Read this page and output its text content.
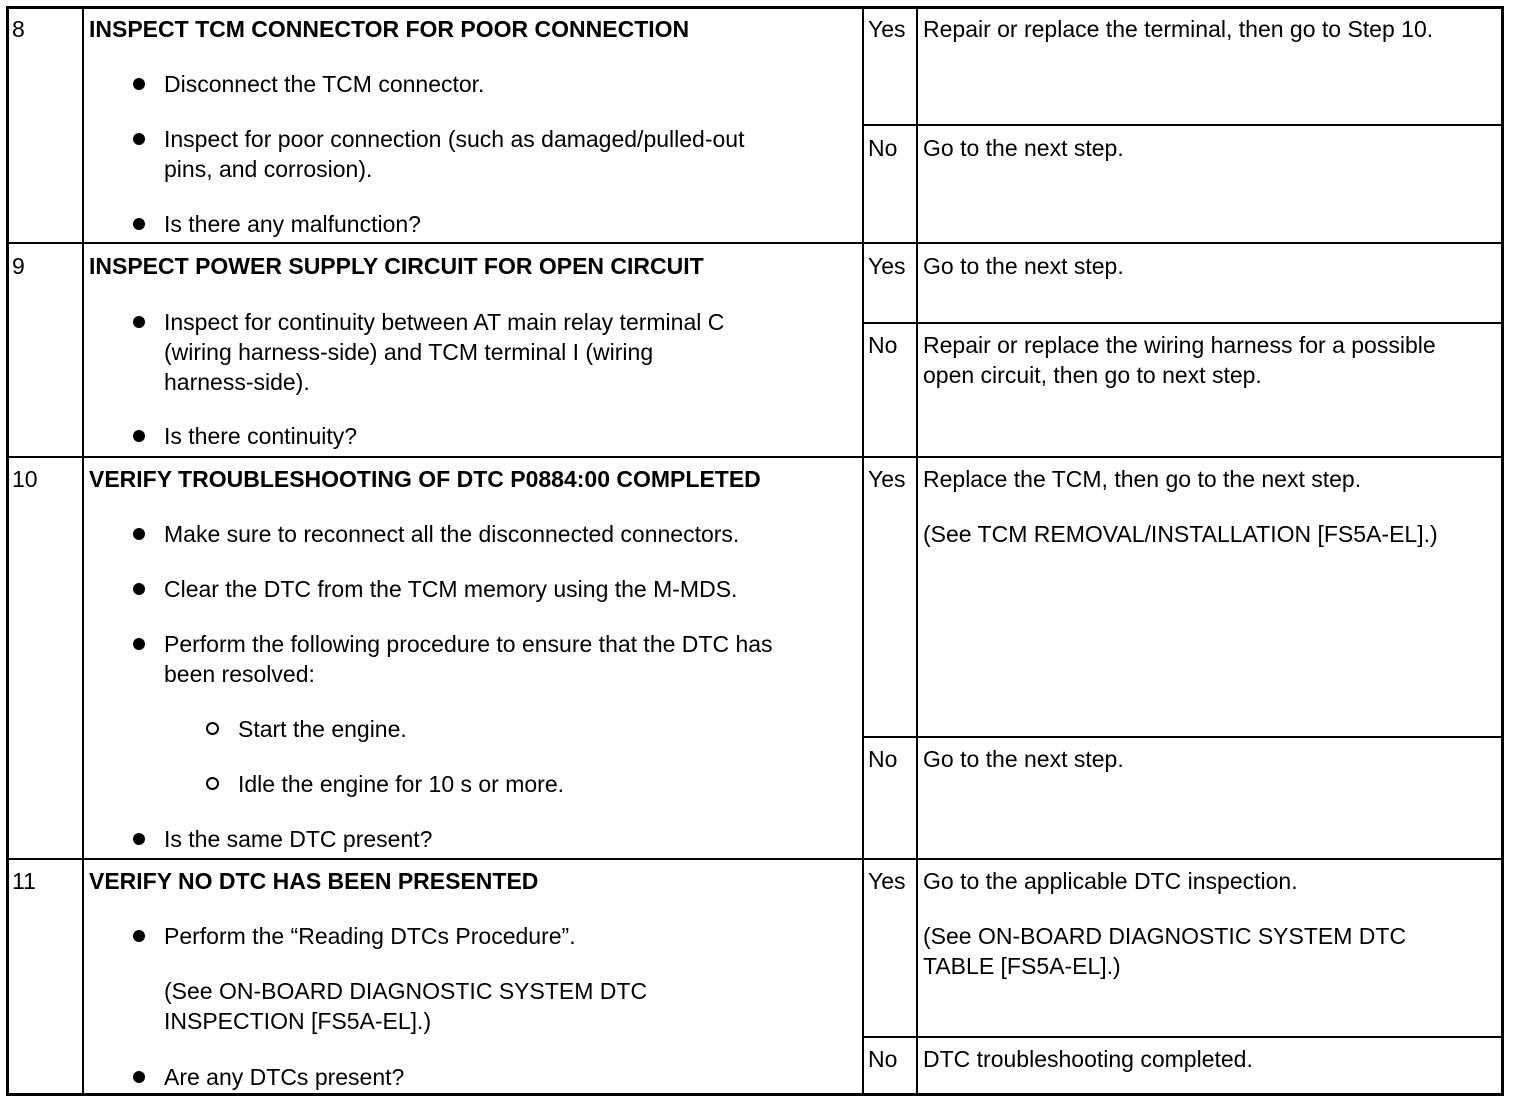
8	INSPECT TCM CONNECTOR FOR POOR CONNECTION
Disconnect the TCM connector.
Inspect for poor connection (such as damaged/pulled-out
pins, and corrosion).
Is there any malfunction?
Yes Repair or replace the terminal, then go to Step 10.
No Go to the next step.
9	INSPECT POWER SUPPLY CIRCUIT FOR OPEN CIRCUIT
Inspect for continuity between AT main relay terminal C
(wiring harness-side) and TCM terminal I (wiring
harness-side).
Is there continuity?
Yes Go to the next step.
No Repair or replace the wiring harness for a possible
open circuit, then go to next step.
10 VERIFY TROUBLESHOOTING OF DTC P0884:00 COMPLETED
Make sure to reconnect all the disconnected connectors.
Clear the DTC from the TCM memory using the M-MDS.
Perform the following procedure to ensure that the DTC has
been resolved:
Start the engine.
Idle the engine for 10 s or more.
Is the same DTC present?
Yes Replace the TCM, then go to the next step.
(See TCM REMOVAL/INSTALLATION [FS5A-EL].)
No Go to the next step.
11 VERIFY NO DTC HAS BEEN PRESENTED
Perform the “Reading DTCs Procedure”.
(See ON-BOARD DIAGNOSTIC SYSTEM DTC
INSPECTION [FS5A-EL].)
Are any DTCs present?
Yes Go to the applicable DTC inspection.
(See ON-BOARD DIAGNOSTIC SYSTEM DTC
TABLE [FS5A-EL].)
No DTC troubleshooting completed.
